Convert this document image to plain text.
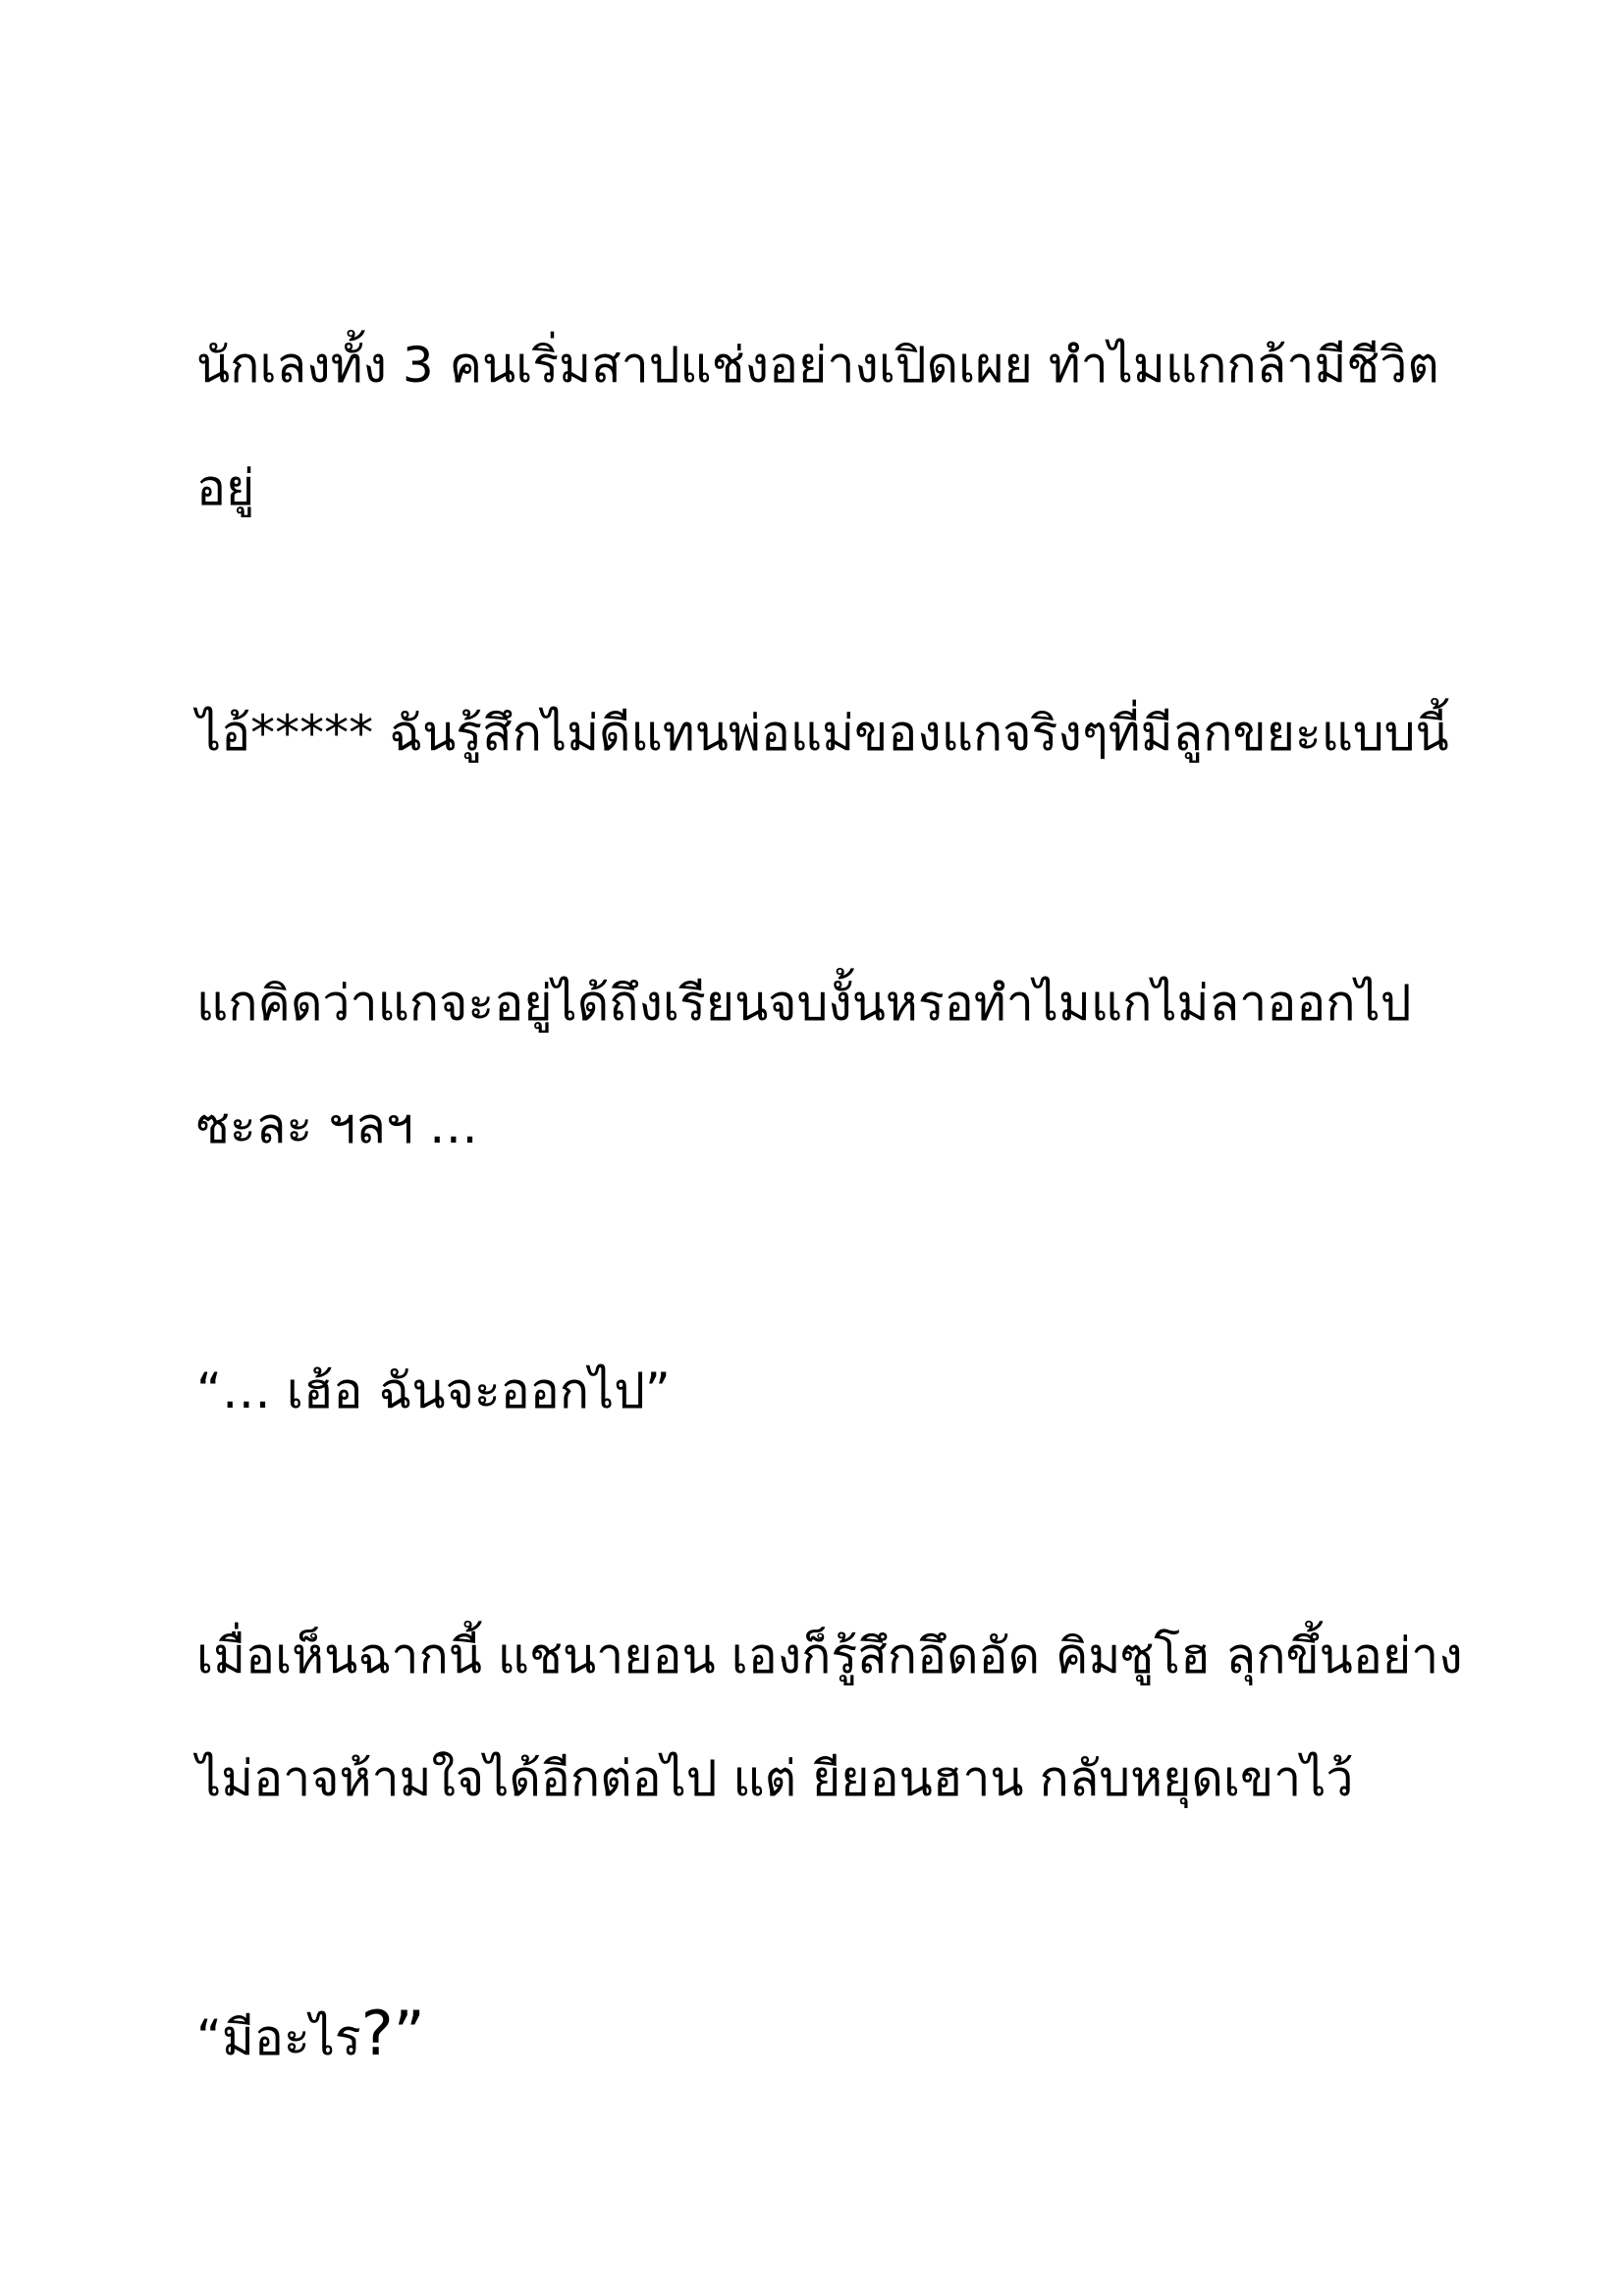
นักเลงทั้ง 3 คนเริ่มสาปแช่งอย่างเปิดเผย ทำไมแกกล้ามีชีวิต

อยู่

ไอ้***** ฉันรู้สึกไม่ดีแทนพ่อแม่ของแกจริงๆที่มีลูกขยะแบบนี้

แกคิดว่าแกจะอยู่ได้ถึงเรียนจบงั้นหรอทำไมแกไม่ลาออกไป

ซะละ ฯลฯ …

“… เฮ้อ ฉันจะออกไป”

เมื่อเห็นฉากนี้ แชนายอน เองก็รู้สึกอึดอัด คิมซูโฮ ลุกขึ้นอย่าง

ไม่อาจห้ามใจได้อีกต่อไป แต่ ยียอนฮาน กลับหยุดเขาไว้

“มีอะไร?”
